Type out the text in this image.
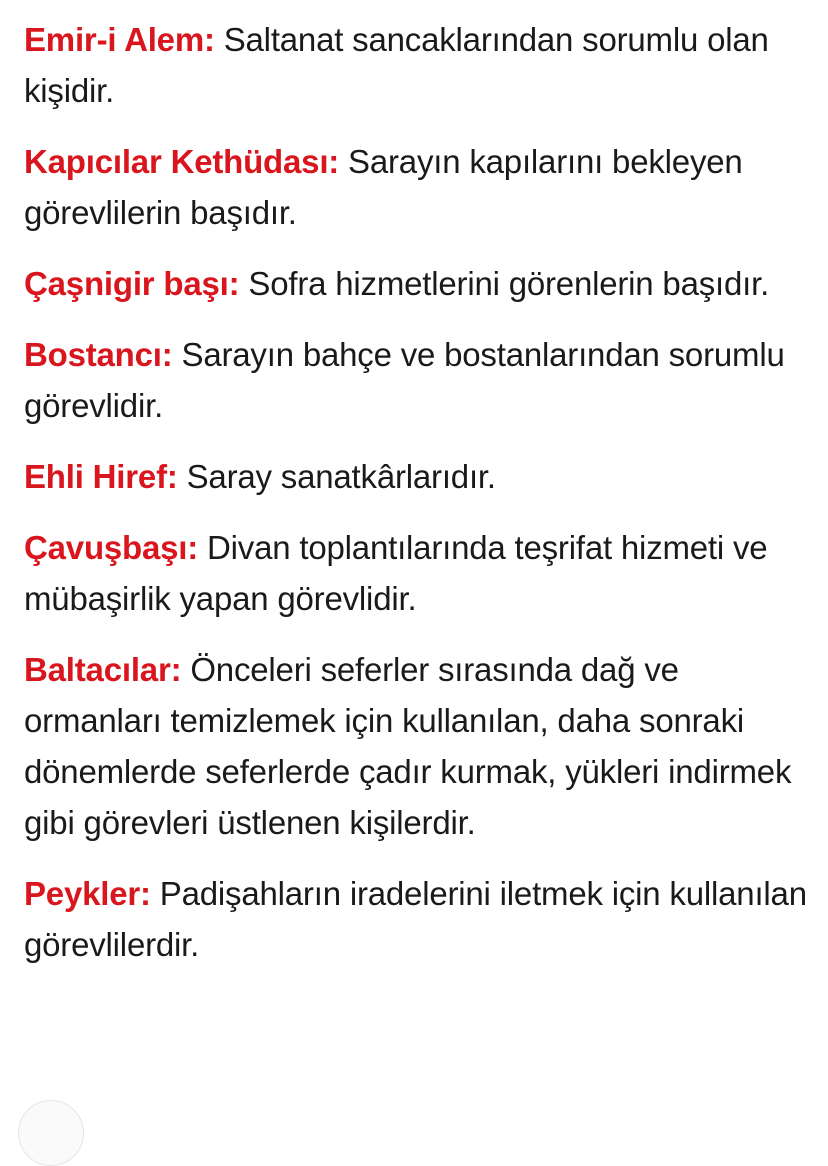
Emir-i Alem: Saltanat sancaklarından sorumlu olan kişidir.

Kapıcılar Kethüdası: Sarayın kapılarını bekleyen görevlilerin başıdır.

Çaşnigir başı: Sofra hizmetlerini görenlerin başıdır.

Bostancı: Sarayın bahçe ve bostanlarından sorumlu görevlidir.

Ehli Hiref: Saray sanatkârlarıdır.

Çavuşbaşı: Divan toplantılarında teşrifat hizmeti ve mübaşirlik yapan görevlidir.

Baltacılar: Önceleri seferler sırasında dağ ve ormanları temizlemek için kullanılan, daha sonraki dönemlerde seferlerde çadır kurmak, yükleri indirmek gibi görevleri üstlenen kişilerdir.

Peykler: Padişahların iradelerini iletmek için kullanılan görevlilerdir.
